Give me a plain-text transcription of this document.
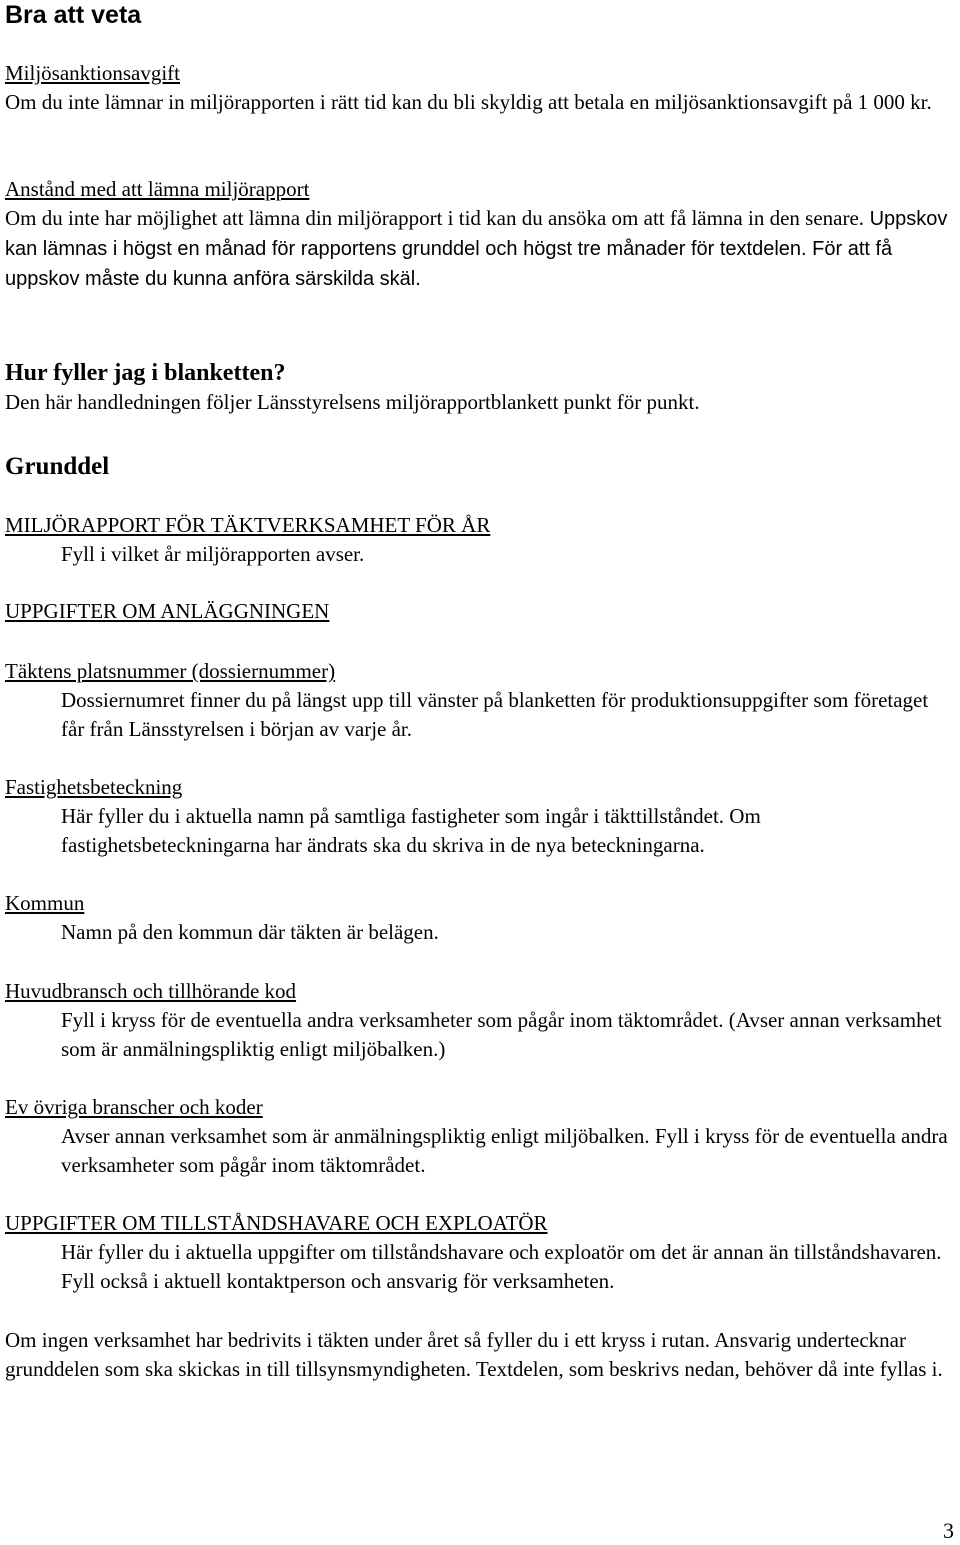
Bra att veta

Miljösanktionsavgift

Om du inte lämnar in miljörapporten i rätt tid kan du bli skyldig att betala en miljösanktionsavgift på 1 000 kr.

Anstånd med att lämna miljörapport

Om du inte har möjlighet att lämna din miljörapport i tid kan du ansöka om att få lämna in den senare. Uppskov kan lämnas i högst en månad för rapportens grunddel och högst tre månader för textdelen. För att få uppskov måste du kunna anföra särskilda skäl.

Hur fyller jag i blanketten?

Den här handledningen följer Länsstyrelsens miljörapportblankett punkt för punkt.

Grunddel

MILJÖRAPPORT FÖR TÄKTVERKSAMHET FÖR ÅR

Fyll i vilket år miljörapporten avser.

UPPGIFTER OM ANLÄGGNINGEN

Täktens platsnummer (dossiernummer)

Dossiernumret finner du på längst upp till vänster på blanketten för produktionsuppgifter som företaget får från Länsstyrelsen i början av varje år.

Fastighetsbeteckning

Här fyller du i aktuella namn på samtliga fastigheter som ingår i täkttillståndet. Om fastighetsbeteckningarna har ändrats ska du skriva in de nya beteckningarna.

Kommun

Namn på den kommun där täkten är belägen.

Huvudbransch och tillhörande kod

Fyll i kryss för de eventuella andra verksamheter som pågår inom täktområdet. (Avser annan verksamhet som är anmälningspliktig enligt miljöbalken.)

Ev övriga branscher och koder

Avser annan verksamhet som är anmälningspliktig enligt miljöbalken. Fyll i kryss för de eventuella andra verksamheter som pågår inom täktområdet.

UPPGIFTER OM TILLSTÅNDSHAVARE OCH EXPLOATÖR

Här fyller du i aktuella uppgifter om tillståndshavare och exploatör om det är annan än tillståndshavaren. Fyll också i aktuell kontaktperson och ansvarig för verksamheten.

Om ingen verksamhet har bedrivits i täkten under året så fyller du i ett kryss i rutan. Ansvarig undertecknar grunddelen som ska skickas in till tillsynsmyndigheten. Textdelen, som beskrivs nedan, behöver då inte fyllas i.

3
